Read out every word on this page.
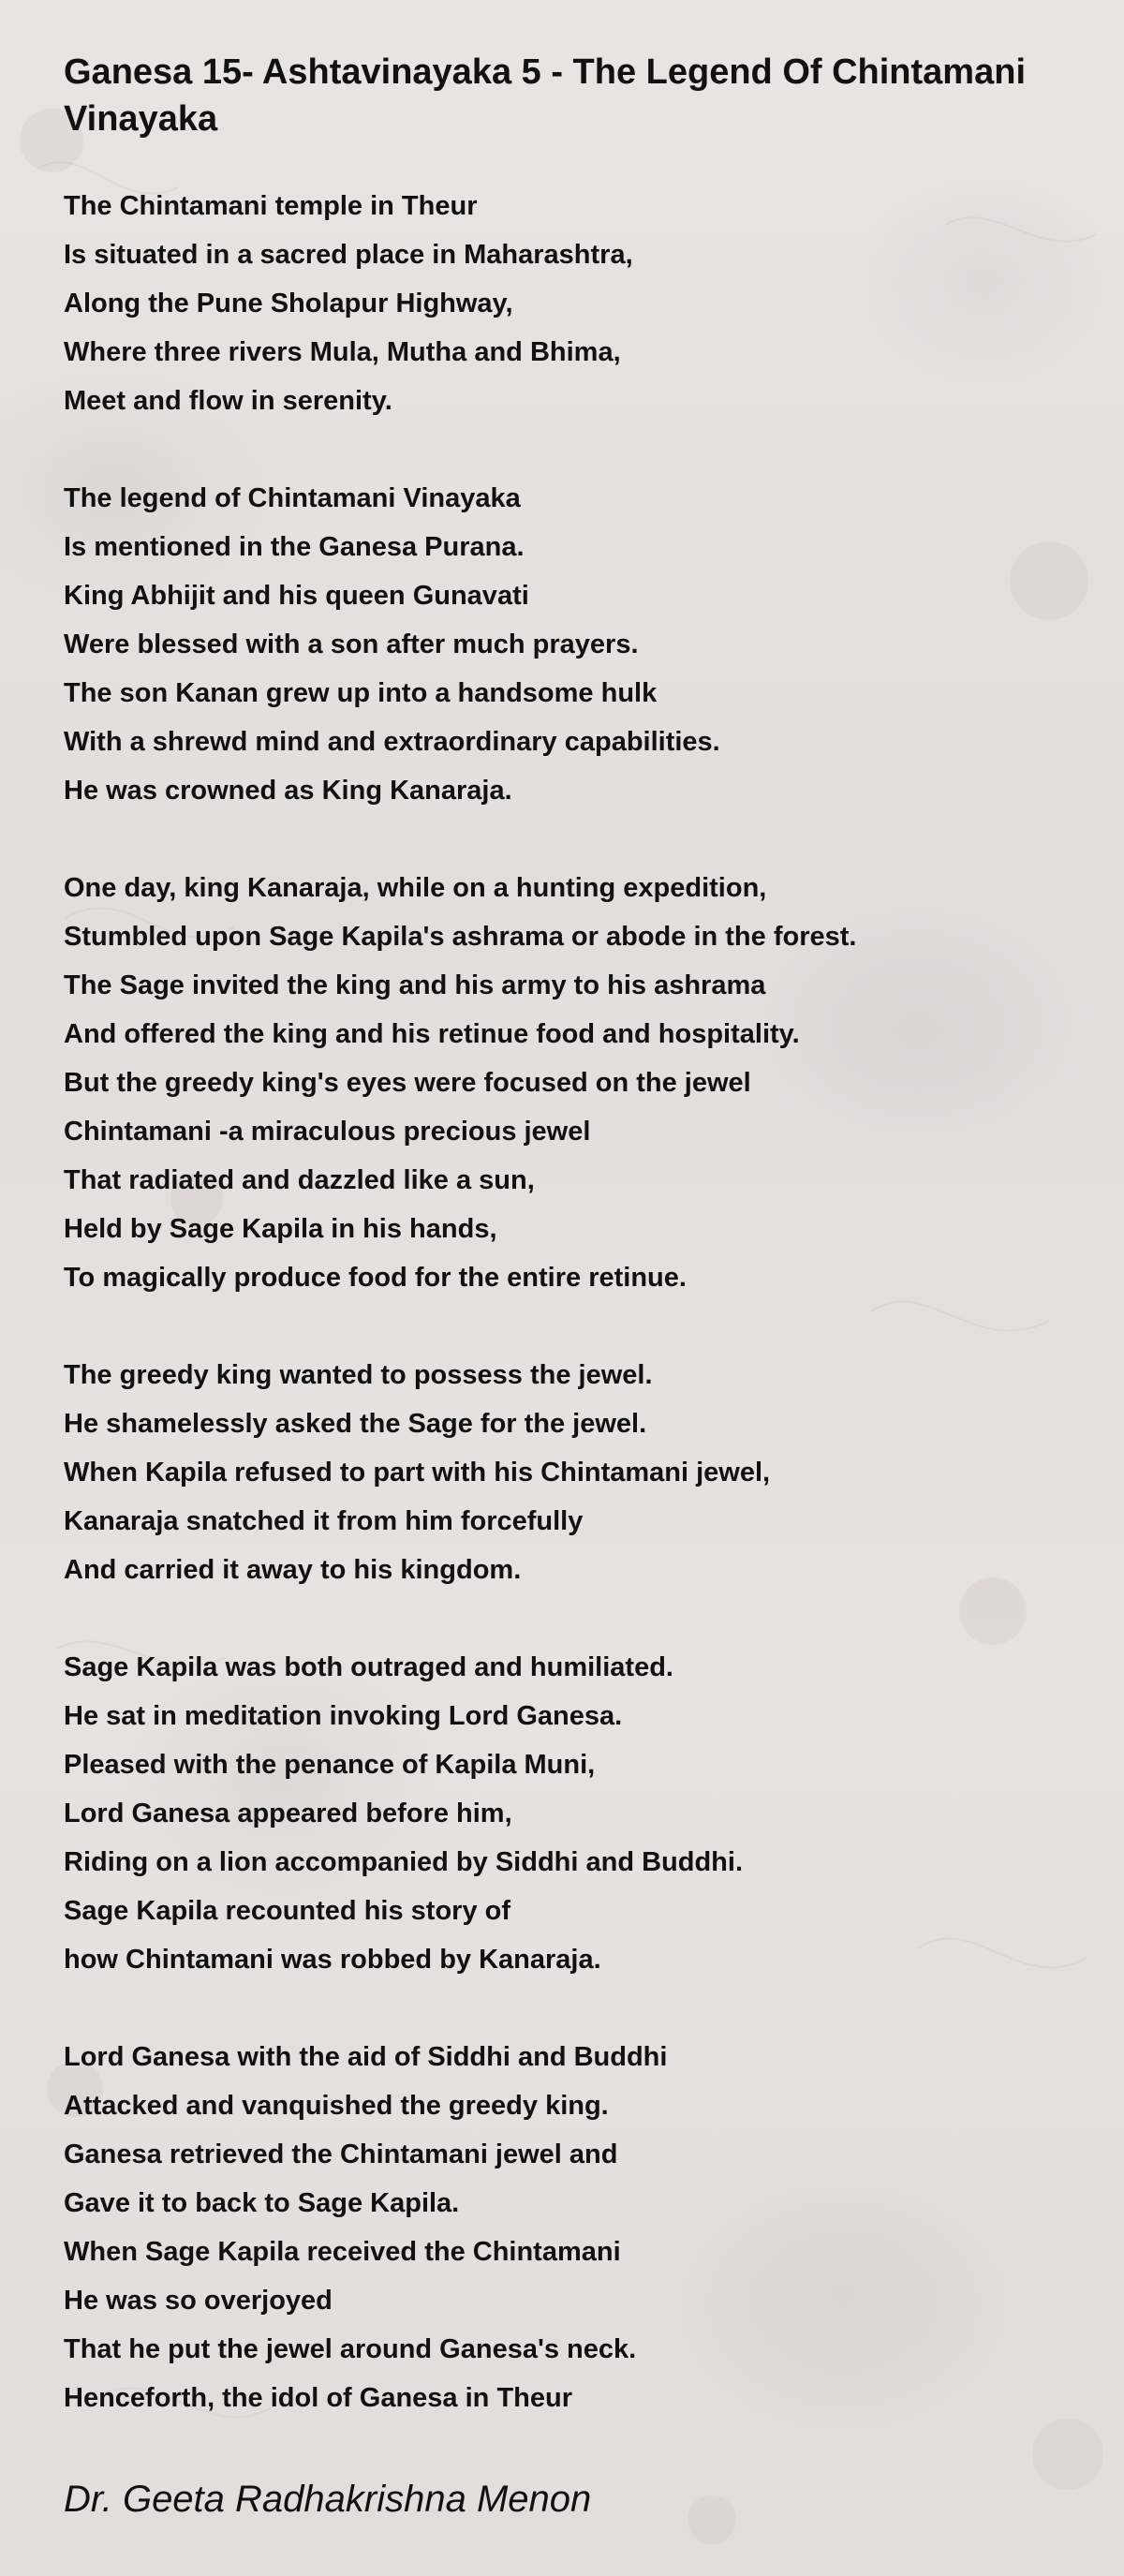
Ganesa 15- Ashtavinayaka 5 - The Legend Of Chintamani Vinayaka
The Chintamani temple in Theur
Is situated in a sacred place in Maharashtra,
Along the Pune Sholapur Highway,
Where three rivers Mula, Mutha and Bhima,
Meet and flow in serenity.
The legend of Chintamani Vinayaka
Is mentioned in the Ganesa Purana.
King Abhijit and his queen Gunavati
Were blessed with a son after much prayers.
The son Kanan grew up into a handsome hulk
With a shrewd mind and extraordinary capabilities.
He was crowned as King Kanaraja.
One day, king Kanaraja, while on a hunting expedition,
Stumbled upon Sage Kapila's ashrama or abode in the forest.
The Sage invited the king and his army to his ashrama
And offered the king and his retinue food and hospitality.
But the greedy king's eyes were focused on the jewel
Chintamani -a miraculous precious jewel
That radiated and dazzled like a sun,
Held by Sage Kapila in his hands,
To magically produce food for the entire retinue.
The greedy king wanted to possess the jewel.
He shamelessly asked the Sage for the jewel.
When Kapila refused to part with his Chintamani jewel,
Kanaraja snatched it from him forcefully
And carried it away to his kingdom.
Sage Kapila was both outraged and humiliated.
He sat in meditation invoking Lord Ganesa.
Pleased with the penance of Kapila Muni,
Lord Ganesa appeared before him,
Riding on a lion accompanied by Siddhi and Buddhi.
Sage Kapila recounted his story of
how Chintamani was robbed by Kanaraja.
Lord Ganesa with the aid of Siddhi and Buddhi
Attacked and vanquished the greedy king.
Ganesa retrieved the Chintamani jewel and
Gave it to back to Sage Kapila.
When Sage Kapila received the Chintamani
He was so overjoyed
That he put the jewel around Ganesa's neck.
Henceforth, the idol of Ganesa in Theur
Dr. Geeta Radhakrishna Menon
